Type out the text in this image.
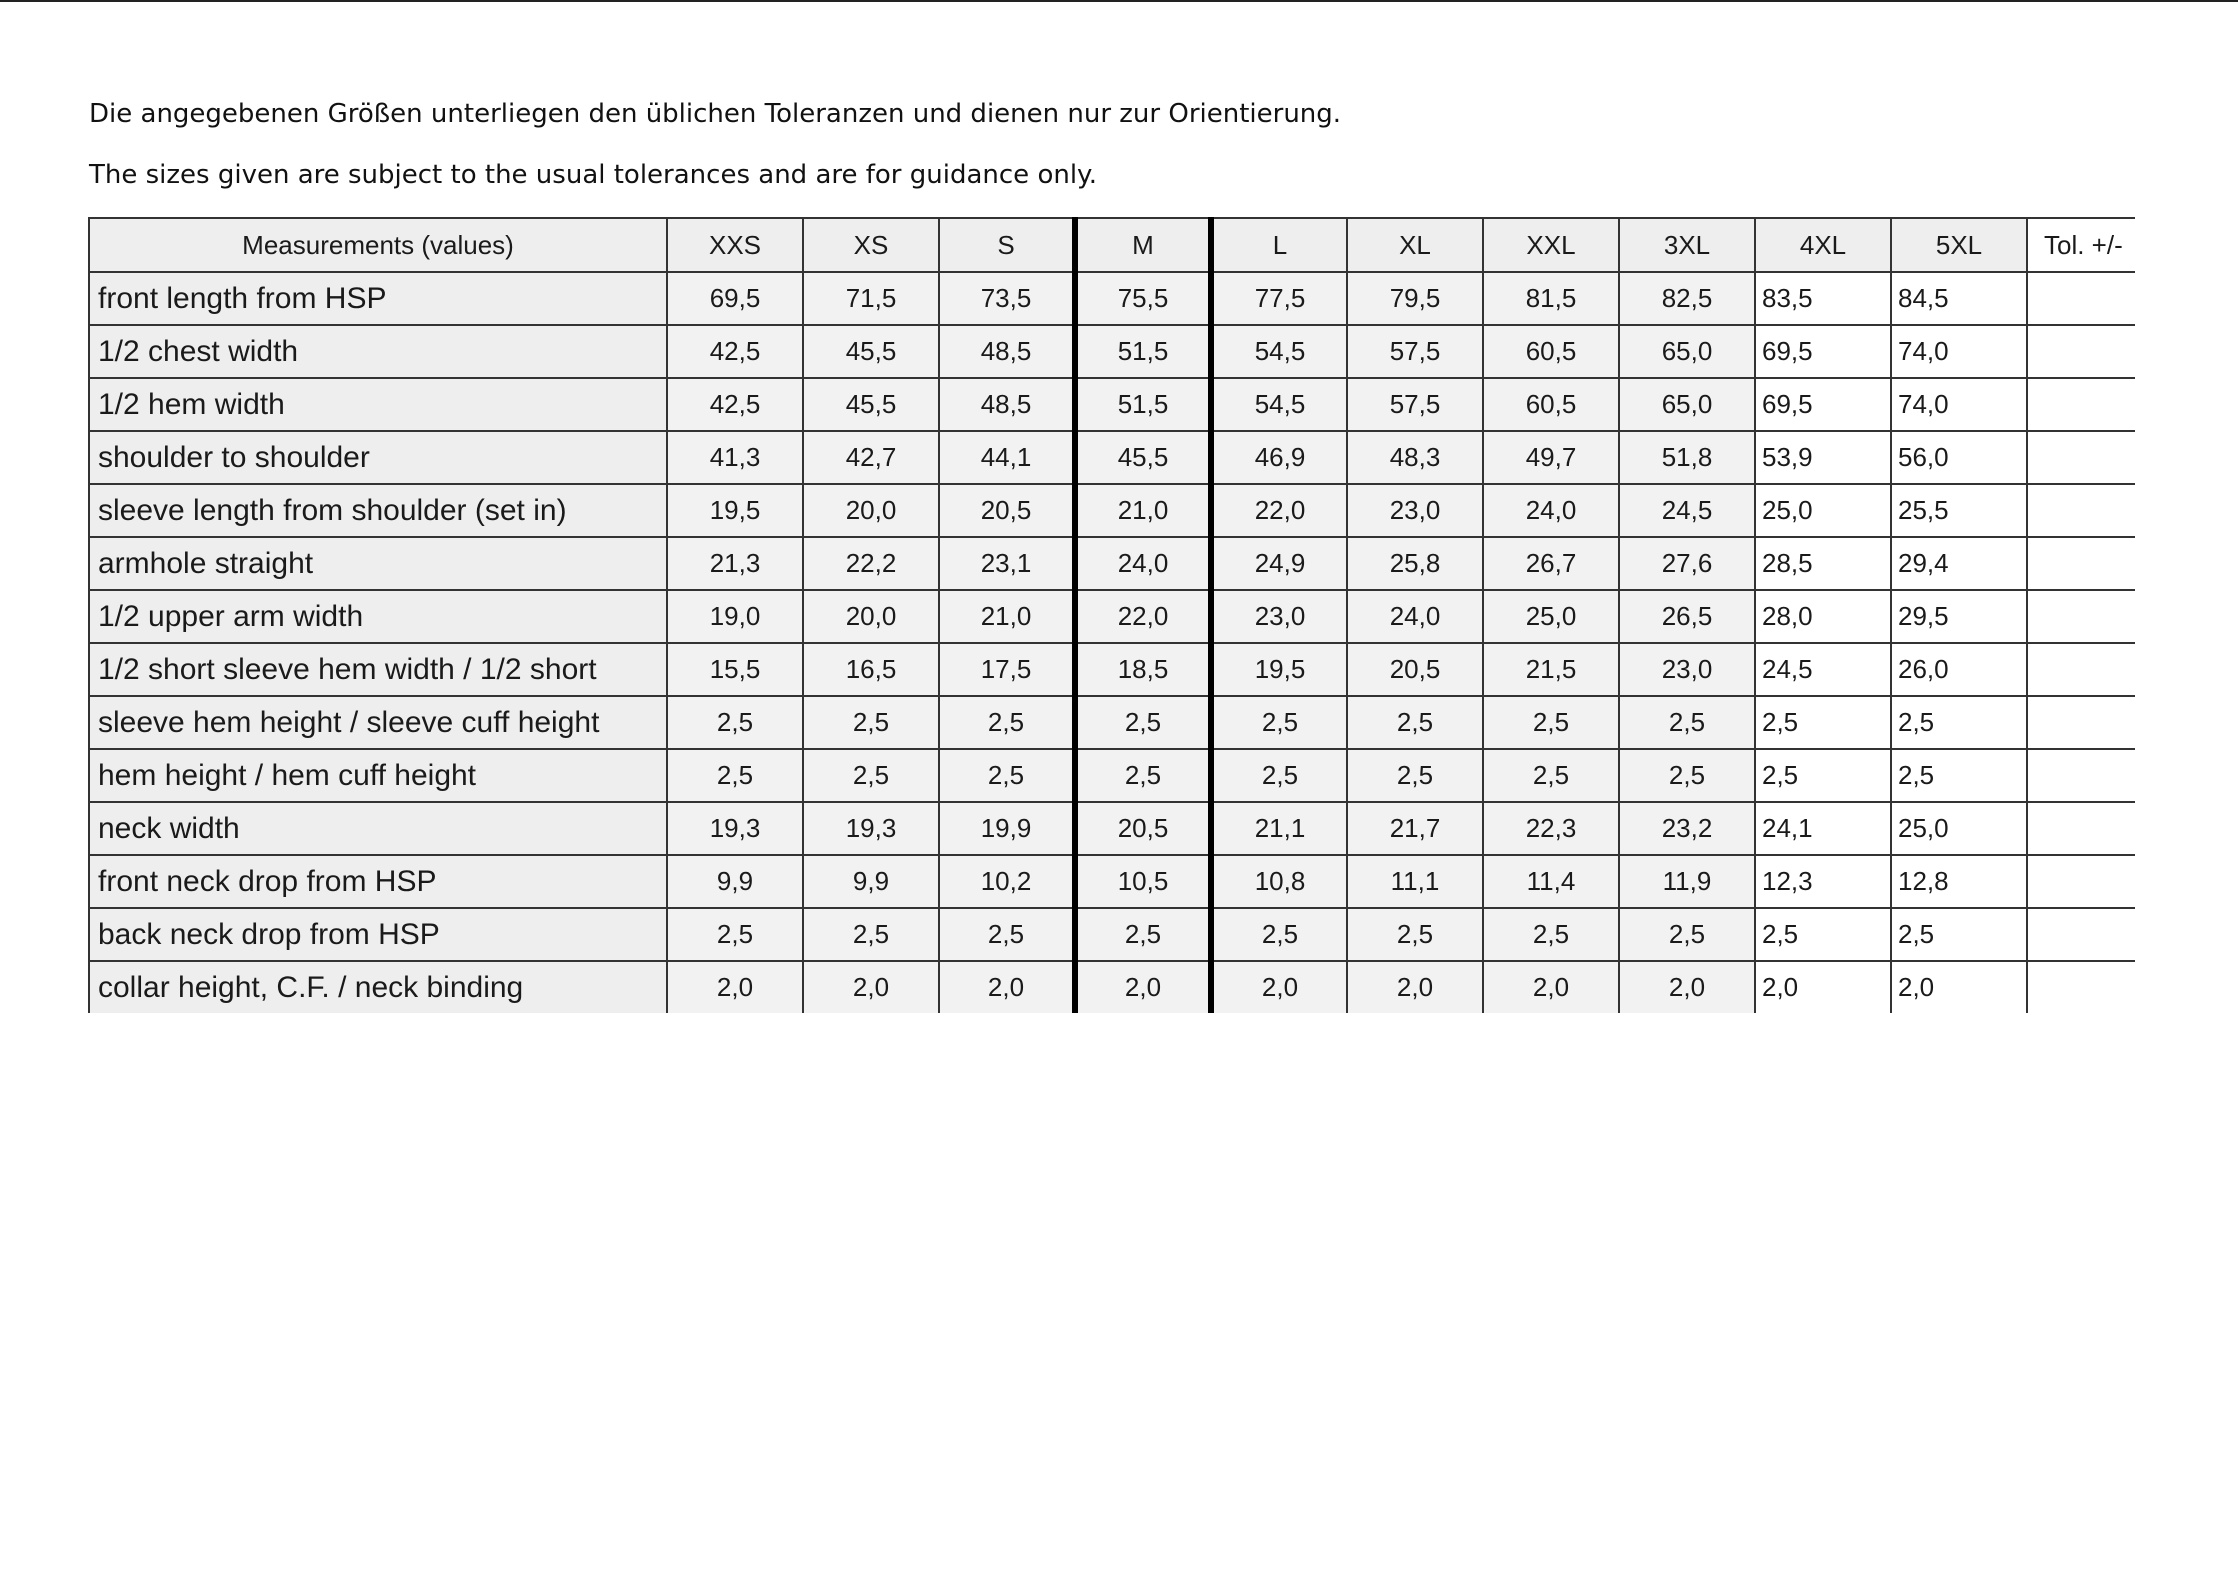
Die angegebenen Größen unterliegen den üblichen Toleranzen und dienen nur zur Orientierung.
The sizes given are subject to the usual tolerances and are for guidance only.
Measurements (values)	XXS	XS	S	M	L	XL	XXL	3XL	4XL	5XL	Tol. +/-
front length from HSP	69,5	71,5	73,5	75,5	77,5	79,5	81,5	82,5	83,5	84,5	
1/2 chest width	42,5	45,5	48,5	51,5	54,5	57,5	60,5	65,0	69,5	74,0	
1/2 hem width	42,5	45,5	48,5	51,5	54,5	57,5	60,5	65,0	69,5	74,0	
shoulder to shoulder	41,3	42,7	44,1	45,5	46,9	48,3	49,7	51,8	53,9	56,0	
sleeve length from shoulder (set in)	19,5	20,0	20,5	21,0	22,0	23,0	24,0	24,5	25,0	25,5	
armhole straight	21,3	22,2	23,1	24,0	24,9	25,8	26,7	27,6	28,5	29,4	
1/2 upper arm width	19,0	20,0	21,0	22,0	23,0	24,0	25,0	26,5	28,0	29,5	
1/2 short sleeve hem width / 1/2 short	15,5	16,5	17,5	18,5	19,5	20,5	21,5	23,0	24,5	26,0	
sleeve hem height / sleeve cuff height	2,5	2,5	2,5	2,5	2,5	2,5	2,5	2,5	2,5	2,5	
hem height / hem cuff height	2,5	2,5	2,5	2,5	2,5	2,5	2,5	2,5	2,5	2,5	
neck width	19,3	19,3	19,9	20,5	21,1	21,7	22,3	23,2	24,1	25,0	
front neck drop from HSP	9,9	9,9	10,2	10,5	10,8	11,1	11,4	11,9	12,3	12,8	
back neck drop from HSP	2,5	2,5	2,5	2,5	2,5	2,5	2,5	2,5	2,5	2,5	
collar height, C.F. / neck binding	2,0	2,0	2,0	2,0	2,0	2,0	2,0	2,0	2,0	2,0	
